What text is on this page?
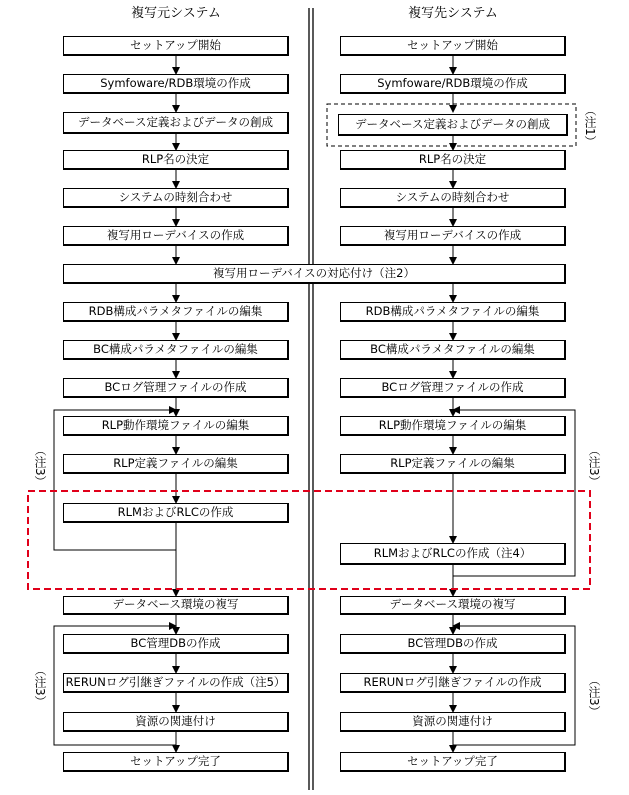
複写元システム	複写先システム
セットアップ開始
Symfoware/RDB環境の作成
データベース定義およびデータの創成
RLP名の決定
システムの時刻合わせ
複写用ローデバイスの作成
RDB構成パラメタファイルの編集
BC構成パラメタファイルの編集
BCログ管理ファイルの作成
RLP動作環境ファイルの編集
RLP定義ファイルの編集
RLMおよびRLCの作成
データベース環境の複写
BC管理DBの作成
RERUNログ引継ぎファイルの作成（注5）
資源の関連付け
セットアップ完了
複写用ローデバイスの対応付け（注2）
セットアップ開始
Symfoware/RDB環境の作成
データベース定義およびデータの創成
RLP名の決定
システムの時刻合わせ
複写用ローデバイスの作成
RDB構成パラメタファイルの編集
BC構成パラメタファイルの編集
BCログ管理ファイルの作成
RLP動作環境ファイルの編集
RLP定義ファイルの編集
RLMおよびRLCの作成（注4）
データベース環境の複写
BC管理DBの作成
RERUNログ引継ぎファイルの作成
資源の関連付け
セットアップ完了
（注1）
（注3）
（注3）
（注3）
（注3）
